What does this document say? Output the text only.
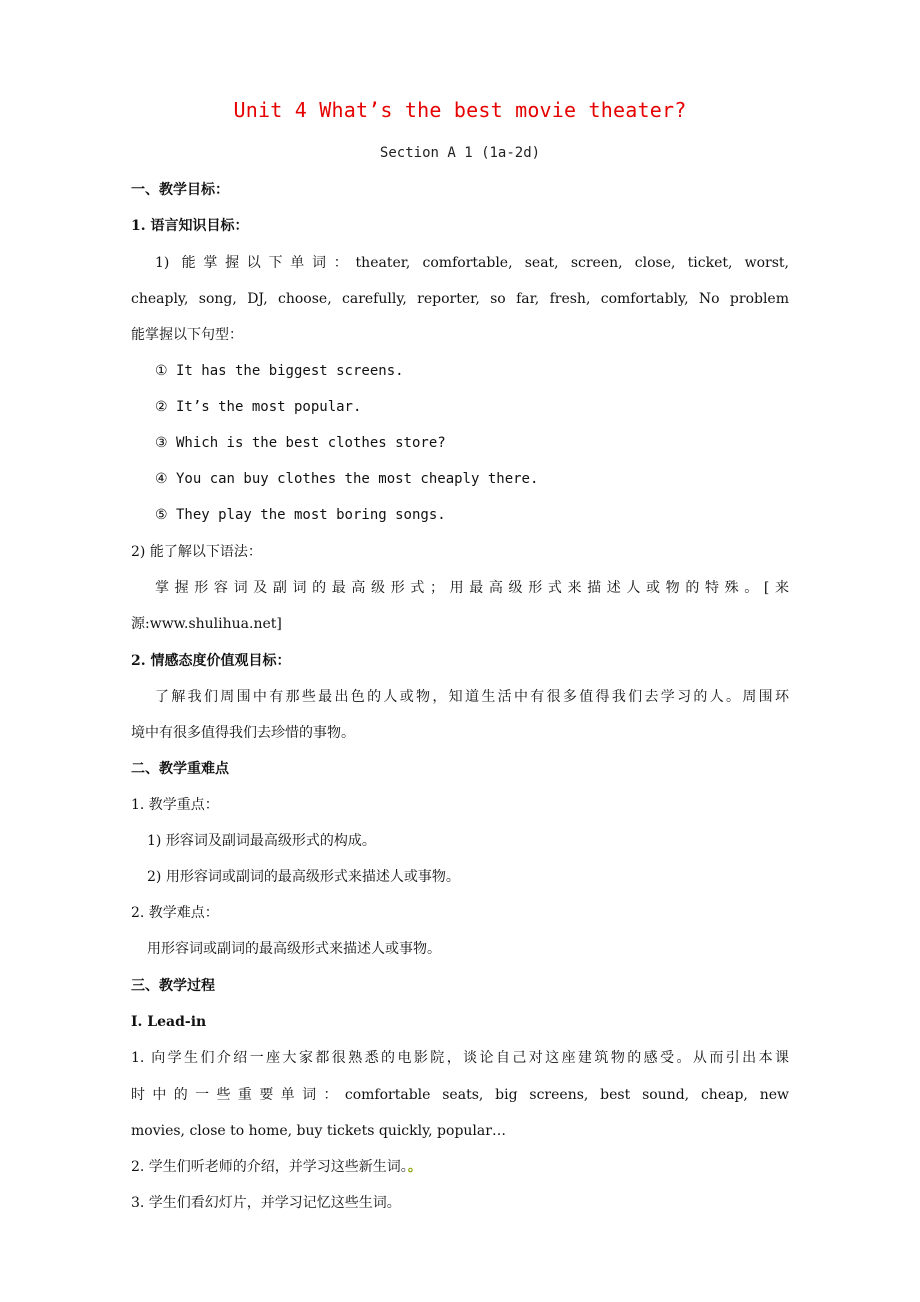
Unit 4 What’s the best movie theater?
Section A 1 (1a-2d)
一、教学目标：
1. 语言知识目标：
1) 能掌握以下单词：theater, comfortable, seat, screen, close, ticket, worst,
cheaply, song, DJ, choose, carefully, reporter, so far, fresh, comfortably, No problem
能掌握以下句型：
① It has the biggest screens.
② It’s the most popular.
③ Which is the best clothes store?
④ You can buy clothes the most cheaply there.
⑤ They play the most boring songs.
2) 能了解以下语法：
掌握形容词及副词的最高级形式；用最高级形式来描述人或物的特殊。[来
源:www.shulihua.net]
2. 情感态度价值观目标：
了解我们周围中有那些最出色的人或物，知道生活中有很多值得我们去学习的人。周围环
境中有很多值得我们去珍惜的事物。
二、教学重难点
1. 教学重点：
1) 形容词及副词最高级形式的构成。
2) 用形容词或副词的最高级形式来描述人或事物。
2. 教学难点：
用形容词或副词的最高级形式来描述人或事物。
三、教学过程
Ⅰ. Lead-in
1. 向学生们介绍一座大家都很熟悉的电影院，谈论自己对这座建筑物的感受。从而引出本课
时中的一些重要单词：comfortable seats, big screens, best sound, cheap, new
movies, close to home, buy tickets quickly, popular…
2. 学生们听老师的介绍，并学习这些新生词。。
3. 学生们看幻灯片，并学习记忆这些生词。
